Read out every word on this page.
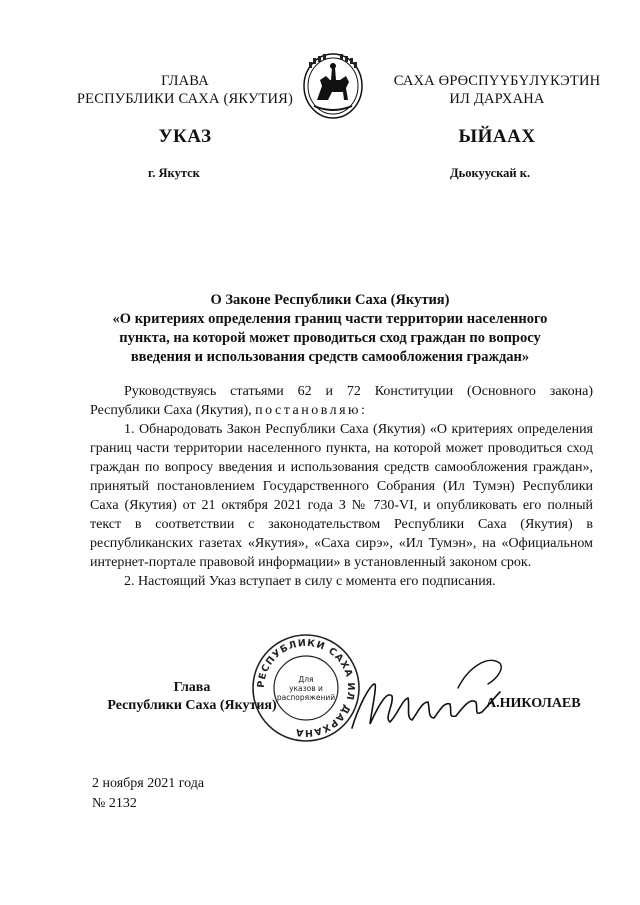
ГЛАВА
РЕСПУБЛИКИ САХА (ЯКУТИЯ)
САХА ӨРӨСПҮҮБҮЛҮКЭТИН
ИЛ ДАРХАНА
УКАЗ	ЫЙААХ
г. Якутск	Дьокуускай к.
О Законе Республики Саха (Якутия)
«О критериях определения границ части территории населенного
пункта, на которой может проводиться сход граждан по вопросу
введения и использования средств самообложения граждан»

Руководствуясь статьями 62 и 72 Конституции (Основного закона) Республики Саха (Якутия), постановляю:

1. Обнародовать Закон Республики Саха (Якутия) «О критериях определения границ части территории населенного пункта, на которой может проводиться сход граждан по вопросу введения и использования средств самообложения граждан», принятый постановлением Государственного Собрания (Ил Тумэн) Республики Саха (Якутия) от 21 октября 2021 года З № 730-VI, и опубликовать его полный текст в соответствии с законодательством Республики Саха (Якутия) в республиканских газетах «Якутия», «Саха сирэ», «Ил Тумэн», на «Официальном интернет-портале правовой информации» в установленный законом срок.

2. Настоящий Указ вступает в силу с момента его подписания.

Глава
Республики Саха (Якутия)
РЕСПУБЛИКИ САХА ИЛ ДАРХАНА
Для
указов и
распоряжений	А.НИКОЛАЕВ
2 ноября 2021 года
№ 2132
